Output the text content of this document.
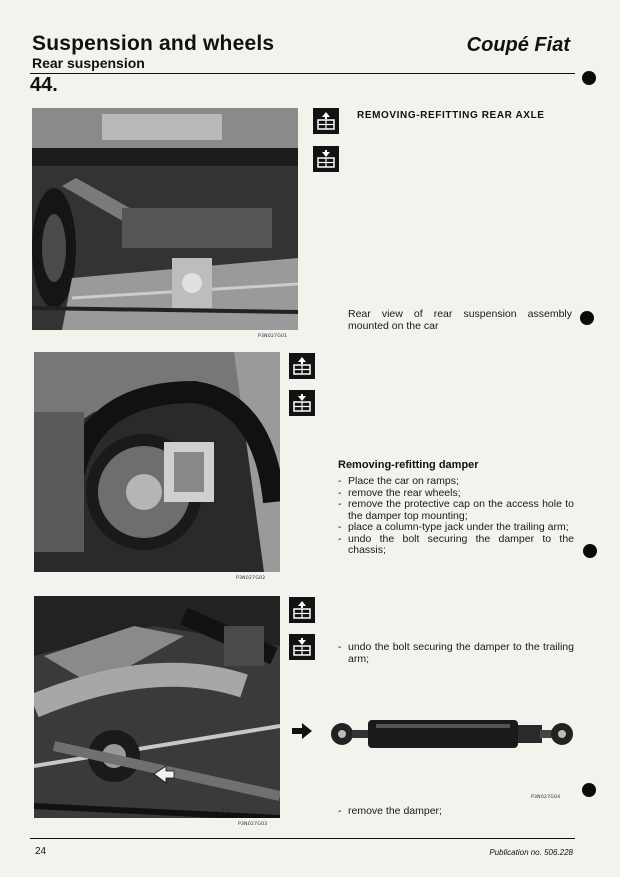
Suspension and wheels
Rear suspension
Coupé Fiat
44.
P3N027G01
REMOVING-REFITTING REAR AXLE
Rear view of rear suspension assembly mounted on the car
P3N027G02
Removing-refitting damper
- Place the car on ramps;
- remove the rear wheels;
- remove the protective cap on the access hole to the damper top mounting;
- place a column-type jack under the trailing arm;
- undo the bolt securing the damper to the chassis;
13
P3N027G03
- undo the bolt securing the damper to the trailing arm;
P3N027G04
- remove the damper;
24	Publication no. 506.228
